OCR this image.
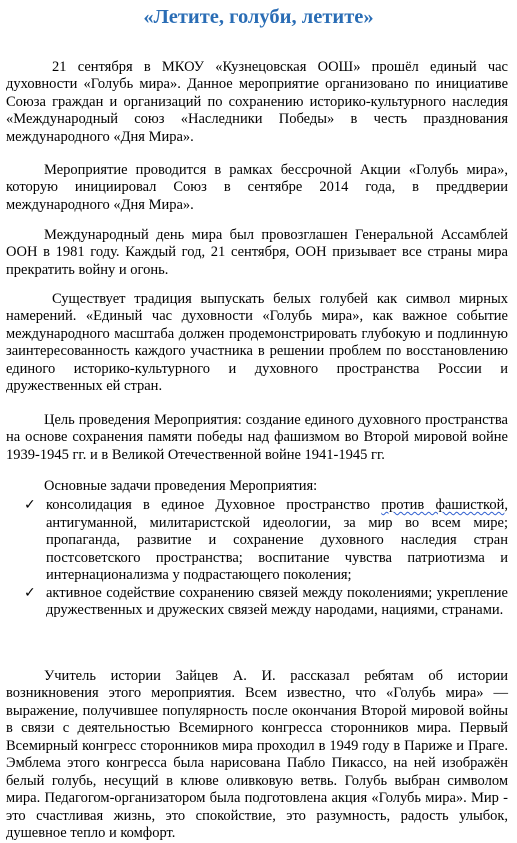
«Летите, голуби, летите»

21 сентября в МКОУ «Кузнецовская ООШ» прошёл единый час духовности «Голубь мира». Данное мероприятие организовано по инициативе Союза граждан и организаций по сохранению историко-культурного наследия «Международный союз «Наследники Победы» в честь празднования международного «Дня Мира».

Мероприятие проводится в рамках бессрочной Акции «Голубь мира», которую инициировал Союз в сентябре 2014 года, в преддверии международного «Дня Мира».

Международный день мира был провозглашен Генеральной Ассамблей ООН в 1981 году. Каждый год, 21 сентября, ООН призывает все страны мира прекратить войну и огонь.

Существует традиция выпускать белых голубей как символ мирных намерений. «Единый час духовности «Голубь мира», как важное событие международного масштаба должен продемонстрировать глубокую и подлинную заинтересованность каждого участника в решении проблем по восстановлению единого историко-культурного и духовного пространства России и дружественных ей стран.

Цель проведения Мероприятия: создание единого духовного пространства на основе сохранения памяти победы над фашизмом во Второй мировой войне 1939-1945 гг. и в Великой Отечественной войне 1941-1945 гг.

Основные задачи проведения Мероприятия:

✓ консолидация в единое Духовное пространство против фашисткой, антигуманной, милитаристской идеологии, за мир во всем мире; пропаганда, развитие и сохранение духовного наследия стран постсоветского пространства; воспитание чувства патриотизма и интернационализма у подрастающего поколения;
✓ активное содействие сохранению связей между поколениями; укрепление дружественных и дружеских связей между народами, нациями, странами.

Учитель истории Зайцев А. И. рассказал ребятам об истории возникновения этого мероприятия. Всем известно, что «Голубь мира» — выражение, получившее популярность после окончания Второй мировой войны в связи с деятельностью Всемирного конгресса сторонников мира. Первый Всемирный конгресс сторонников мира проходил в 1949 году в Париже и Праге. Эмблема этого конгресса была нарисована Пабло Пикассо, на ней изображён белый голубь, несущий в клюве оливковую ветвь. Голубь выбран символом мира. Педагогом-организатором была подготовлена акция «Голубь мира». Мир - это счастливая жизнь, это спокойствие, это разумность, радость улыбок, душевное тепло и комфорт.
